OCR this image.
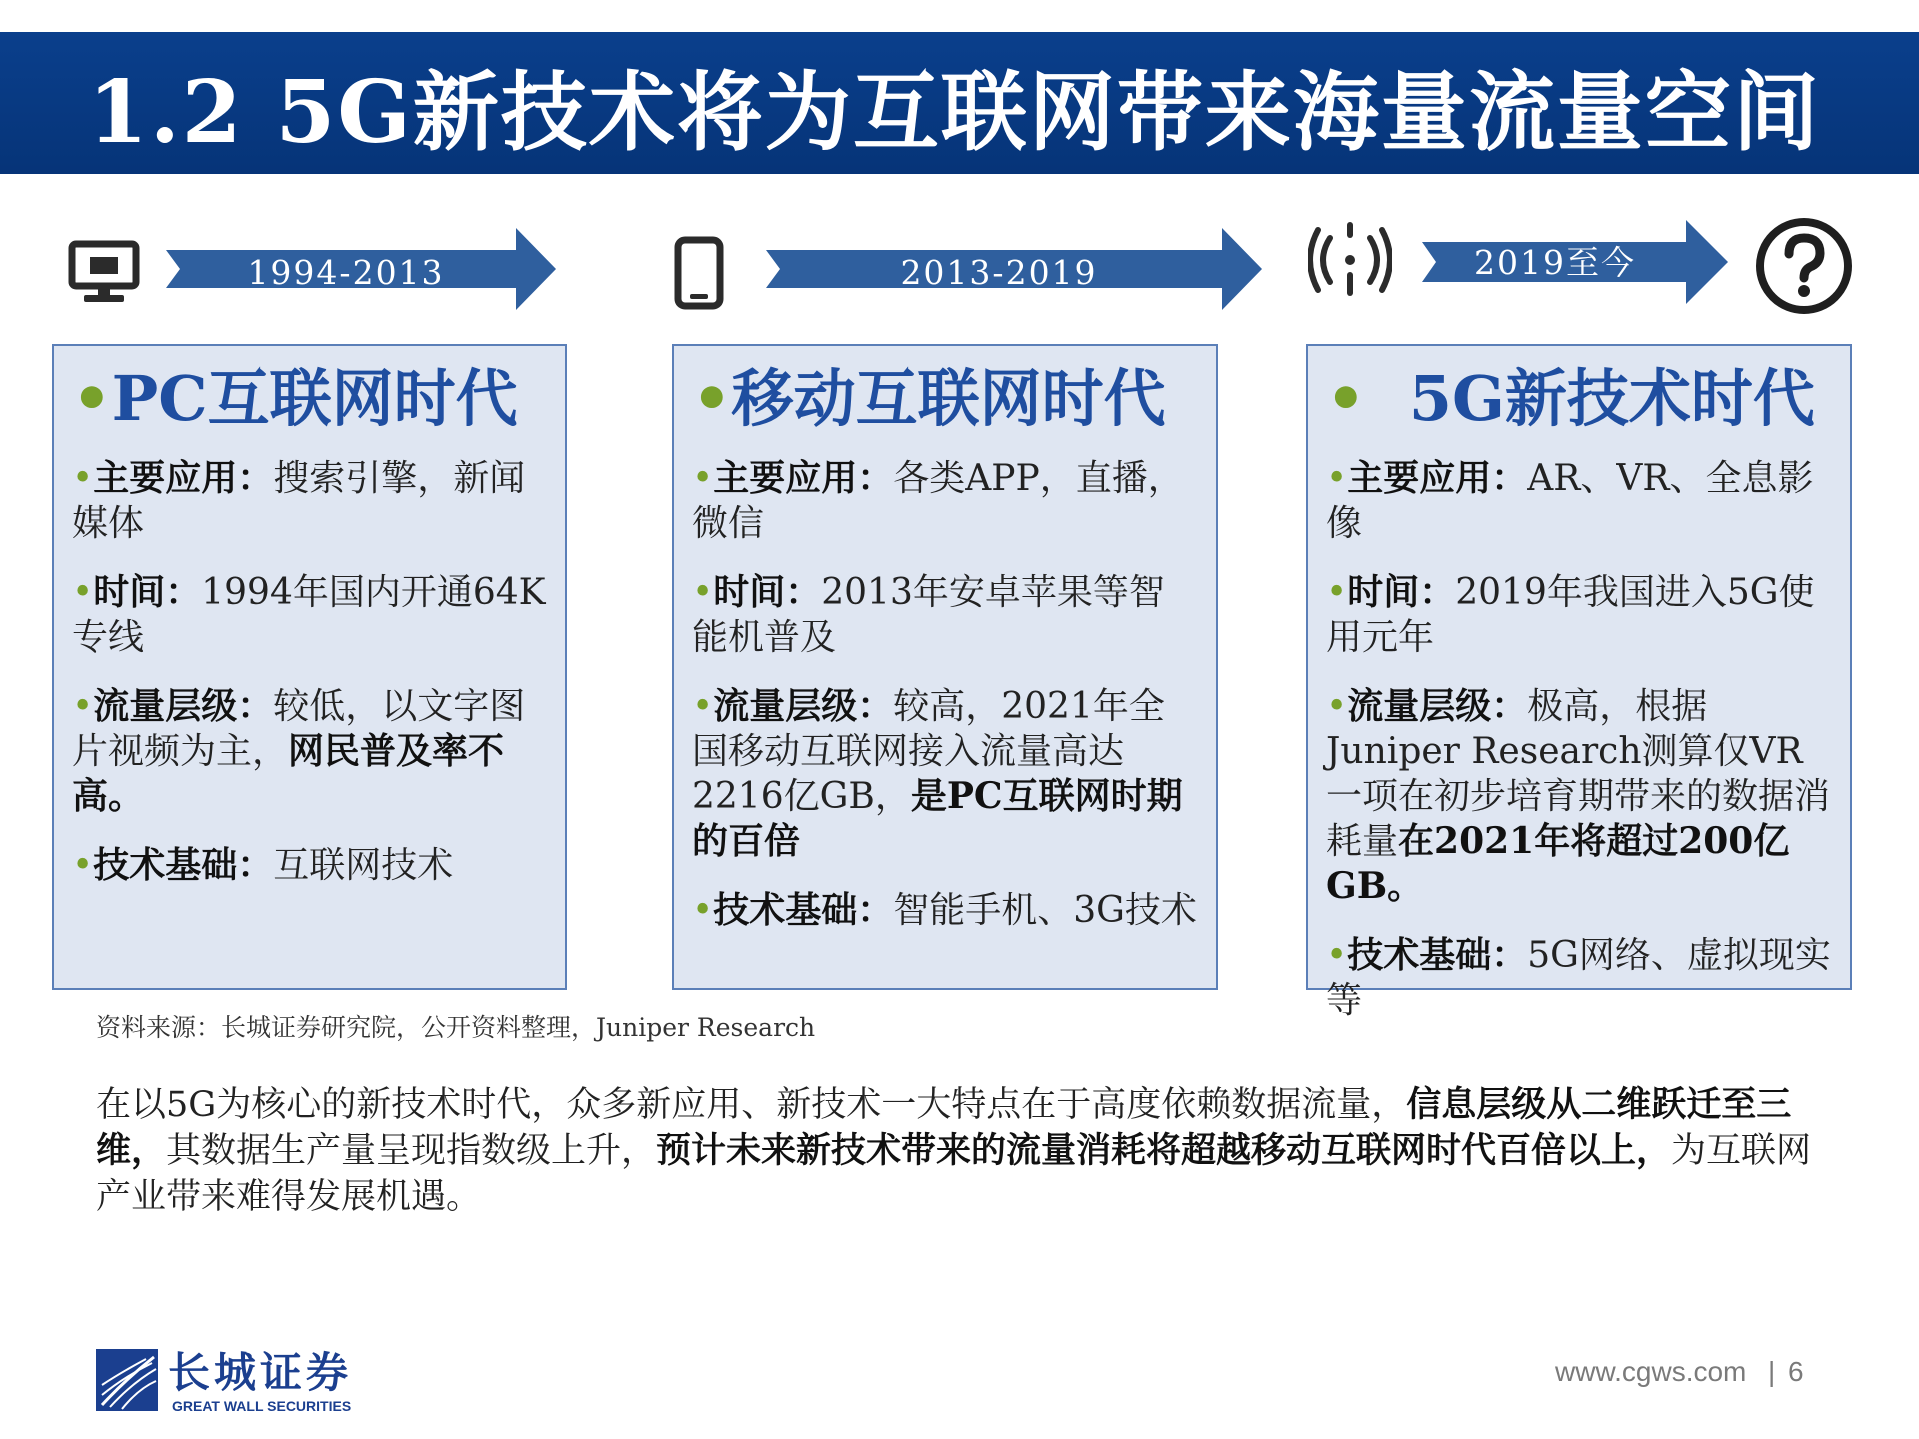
1.2 5G新技术将为互联网带来海量流量空间
1994-2013	2013-2019	2019至今
•PC互联网时代

•主要应用：搜索引擎，新闻媒体

•时间：1994年国内开通64K专线

•流量层级：较低，以文字图片视频为主，网民普及率不高。

•技术基础：互联网技术

•移动互联网时代

•主要应用：各类APP，直播，微信

•时间：2013年安卓苹果等智能机普及

•流量层级：较高，2021年全国移动互联网接入流量高达2216亿GB，是PC互联网时期的百倍

•技术基础：智能手机、3G技术

• 5G新技术时代

•主要应用：AR、VR、全息影像

•时间：2019年我国进入5G使用元年

•流量层级：极高，根据Juniper Research测算仅VR一项在初步培育期带来的数据消耗量在2021年将超过200亿GB。

•技术基础：5G网络、虚拟现实等

资料来源：长城证券研究院，公开资料整理，Juniper Research
在以5G为核心的新技术时代，众多新应用、新技术一大特点在于高度依赖数据流量，信息层级从二维跃迁至三维，其数据生产量呈现指数级上升，预计未来新技术带来的流量消耗将超越移动互联网时代百倍以上，为互联网产业带来难得发展机遇。
长城证券
GREAT WALL SECURITIES
www.cgws.com | 6
